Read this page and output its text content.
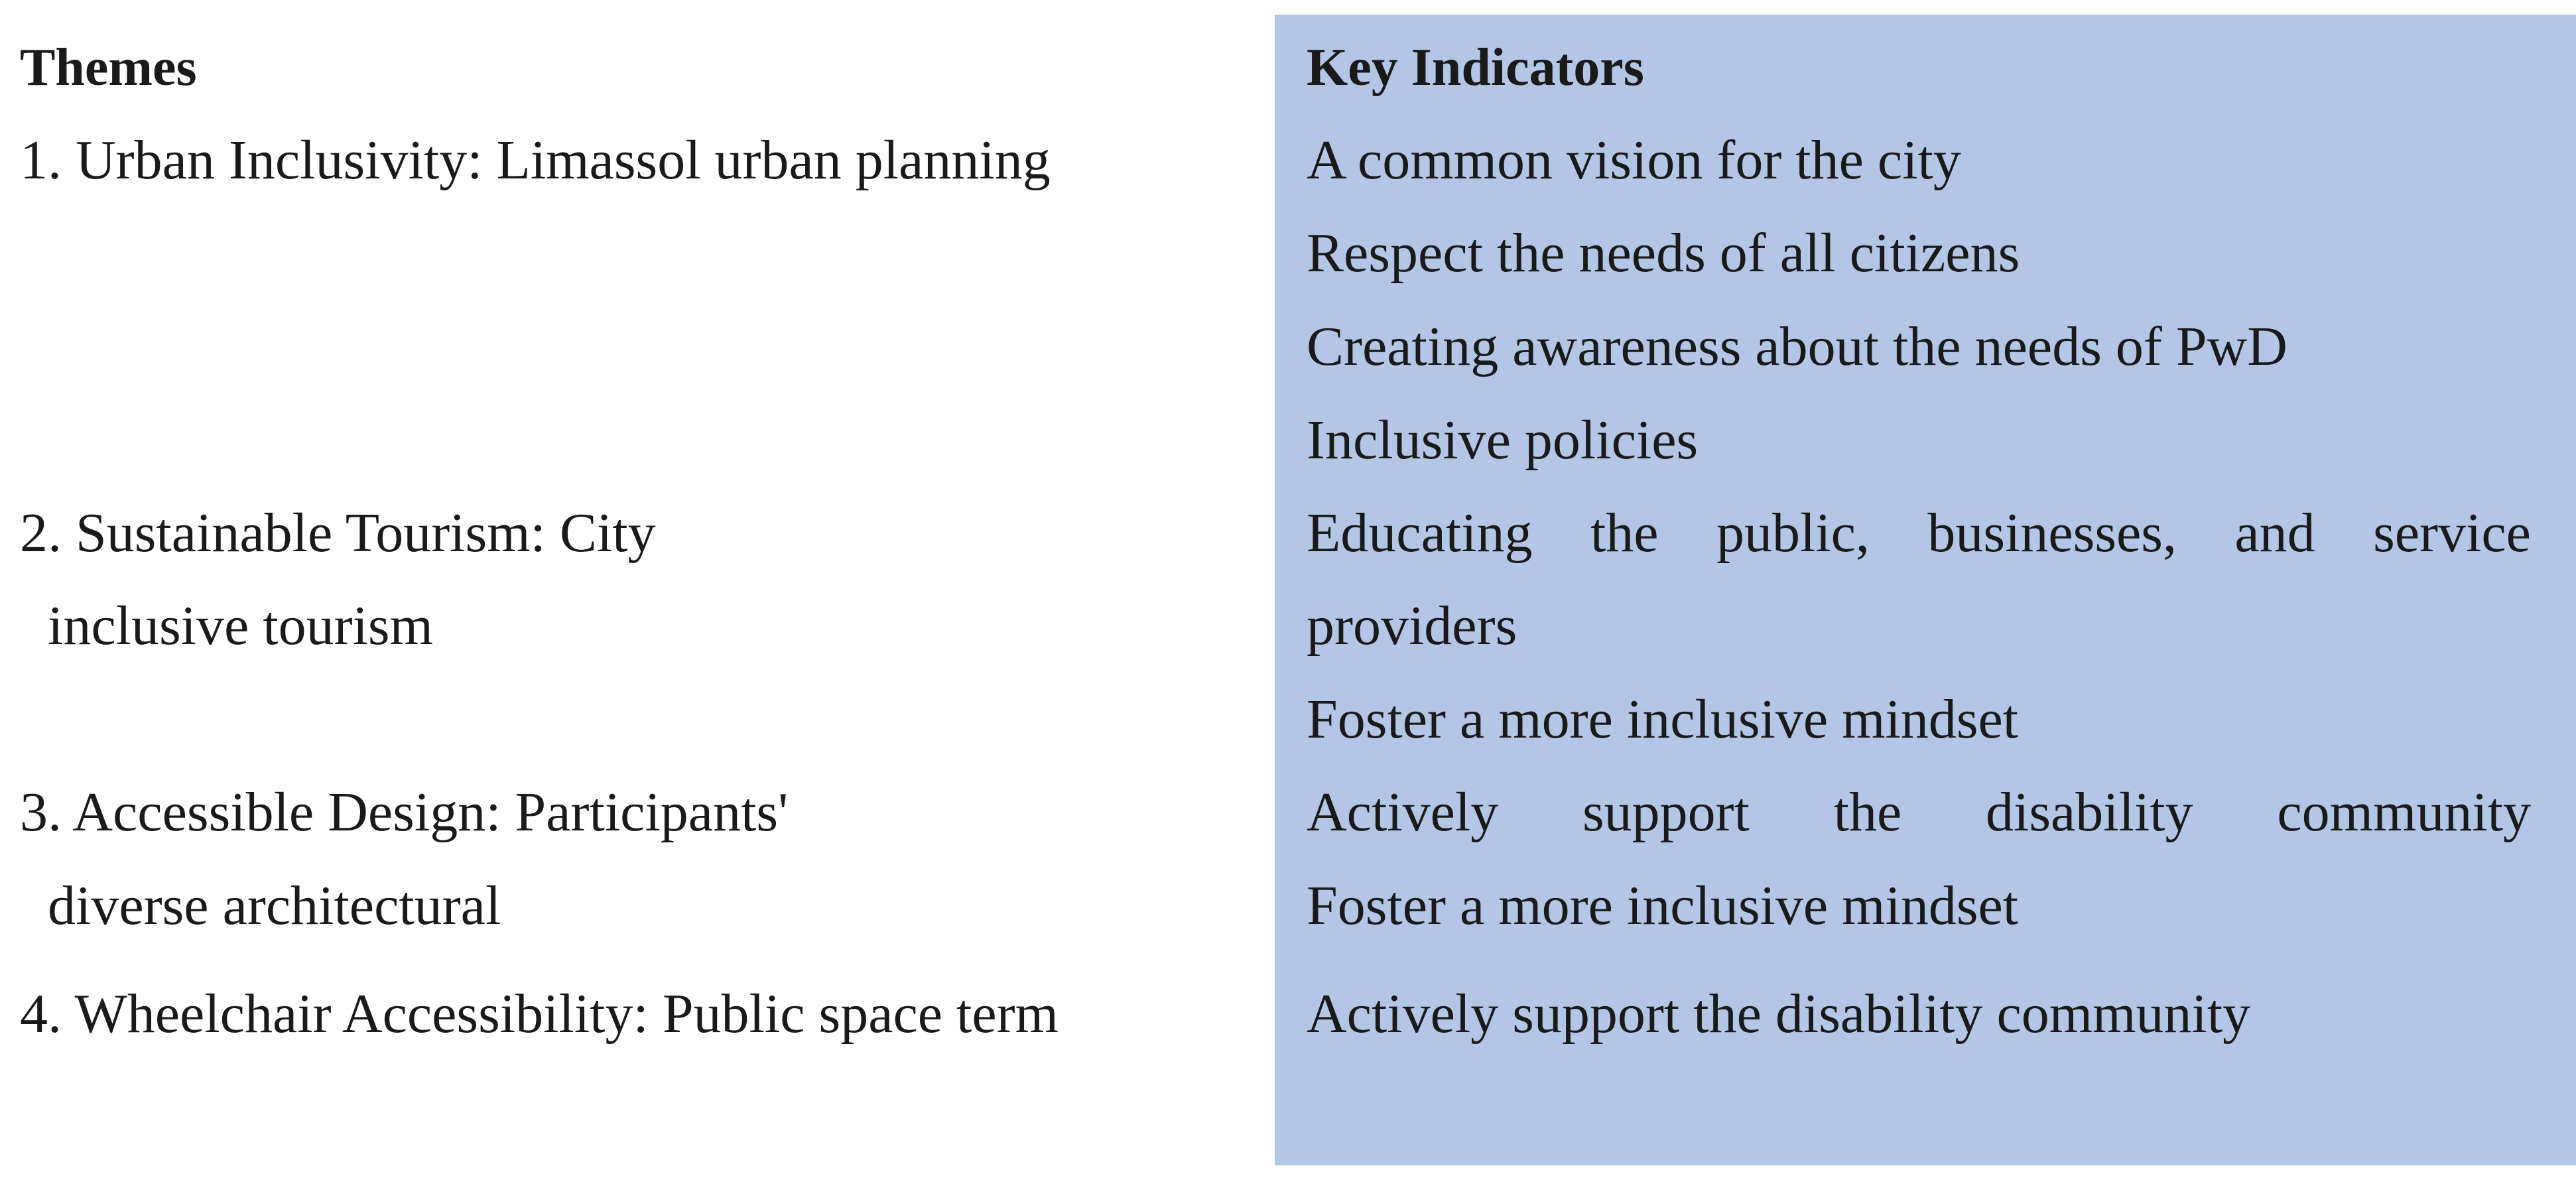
Themes	Key Indicators
1. Urban Inclusivity: Limassol urban planning
2. Sustainable Tourism: City
inclusive tourism
3. Accessible Design: Participants'
diverse architectural
4. Wheelchair Accessibility: Public space term
A common vision for the city
Respect the needs of all citizens
Creating awareness about the needs of PwD
Inclusive policies
Educating the public, businesses, and service
providers
Foster a more inclusive mindset
Actively support the disability community
Foster a more inclusive mindset
Actively support the disability community
